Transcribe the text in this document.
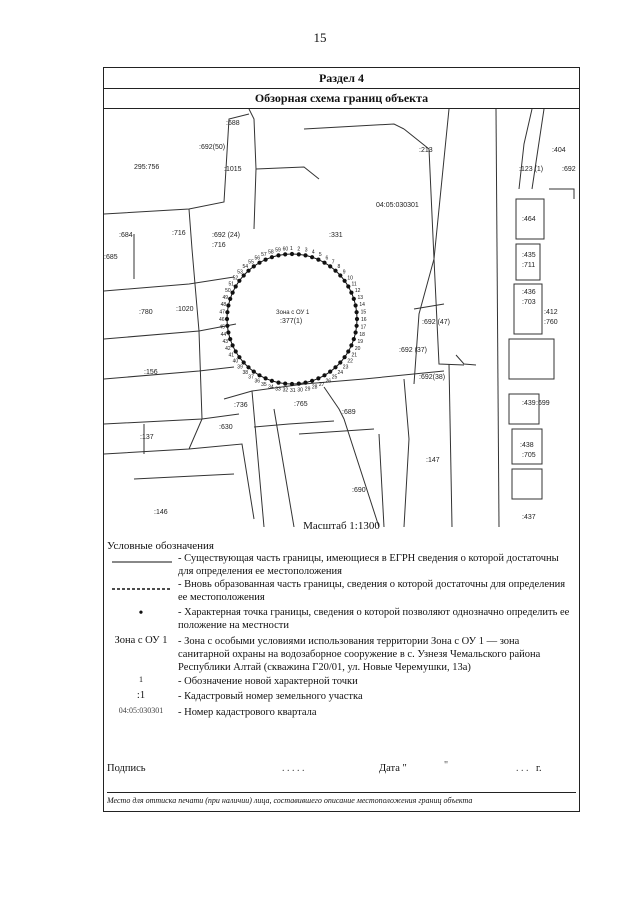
15
Раздел 4
Обзорная схема границ объекта
:688
:692(50)
295:756	:1015
:213	:404
:692
:123 (1)
04:05:030301
:331
:684	:716	:692 (24)
:716
:685
:464
:435
:711
:780	:1020
:436
:703
:692 (47)
:412
:760
:156
:692 (37)
:692(38)
:736	:765
:630
:689
:439 :699
:137
:438
:705
:147
:690
:146
:437
1 2 3 4 5
6
7
8
9
10
11
12
13
14
15
16
17
18
19
20
21
22
23
24
25
26
27
28
29
30
31
32
33
34
35
36
37
38
39
40
41
42
43
44
45
46
47
48
49
50
51
52
53
54
55
56
57 58 59 60
Зона с ОУ 1
:377(1)
Масштаб 1:1300
Условные обозначения
- Существующая часть границы, имеющиеся в ЕГРН сведения о которой достаточны для определения ее местоположения
- Вновь образованная часть границы, сведения о которой достаточны для определения ее местоположения
•	- Характерная точка границы, сведения о которой позволяют однозначно определить ее положение на местности
Зона с ОУ 1	- Зона с особыми условиями использования территории Зона с ОУ 1 — зона санитарной охраны на водозаборное сооружение в с. Узнезя Чемальского района Республики Алтай (скважина Г20/01, ул. Новые Черемушки, 13а)
1	- Обозначение новой характерной точки
:1	- Кадастровый номер земельного участка
04:05:030301	- Номер кадастрового квартала
Подпись	. . . . .	Дата "	"	. . . г.
Место для оттиска печати (при наличии) лица, составившего описание местоположения границ объекта
